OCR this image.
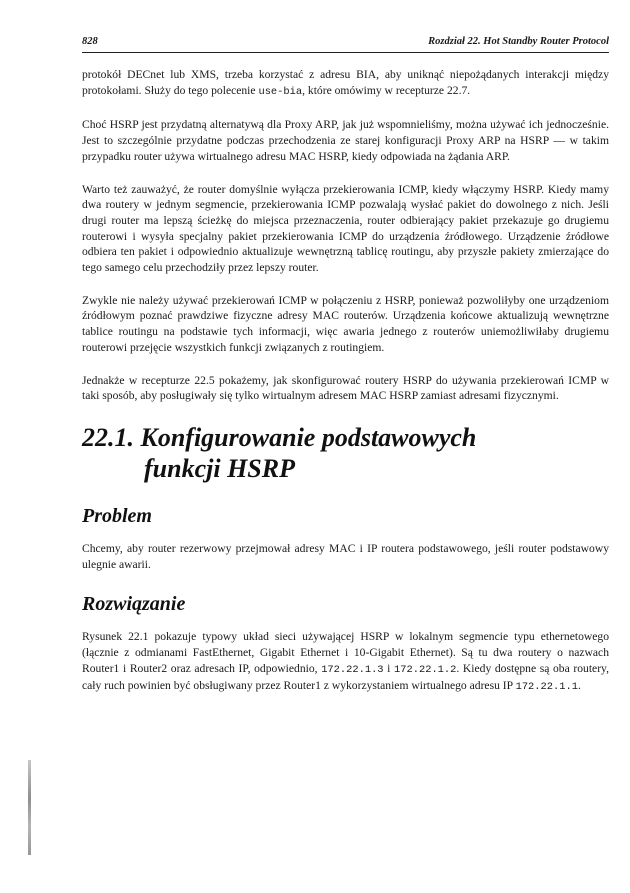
828	Rozdział 22. Hot Standby Router Protocol

protokół DECnet lub XMS, trzeba korzystać z adresu BIA, aby uniknąć niepożądanych interakcji między protokołami. Służy do tego polecenie use-bia, które omówimy w recepturze 22.7.

Choć HSRP jest przydatną alternatywą dla Proxy ARP, jak już wspomnieliśmy, można używać ich jednocześnie. Jest to szczególnie przydatne podczas przechodzenia ze starej konfiguracji Proxy ARP na HSRP — w takim przypadku router używa wirtualnego adresu MAC HSRP, kiedy odpowiada na żądania ARP.

Warto też zauważyć, że router domyślnie wyłącza przekierowania ICMP, kiedy włączymy HSRP. Kiedy mamy dwa routery w jednym segmencie, przekierowania ICMP pozwalają wysłać pakiet do dowolnego z nich. Jeśli drugi router ma lepszą ścieżkę do miejsca przeznaczenia, router odbierający pakiet przekazuje go drugiemu routerowi i wysyła specjalny pakiet przekierowania ICMP do urządzenia źródłowego. Urządzenie źródłowe odbiera ten pakiet i odpowiednio aktualizuje wewnętrzną tablicę routingu, aby przyszłe pakiety zmierzające do tego samego celu przechodziły przez lepszy router.

Zwykle nie należy używać przekierowań ICMP w połączeniu z HSRP, ponieważ pozwoliłyby one urządzeniom źródłowym poznać prawdziwe fizyczne adresy MAC routerów. Urządzenia końcowe aktualizują wewnętrzne tablice routingu na podstawie tych informacji, więc awaria jednego z routerów uniemożliwiłaby drugiemu routerowi przejęcie wszystkich funkcji związanych z routingiem.

Jednakże w recepturze 22.5 pokażemy, jak skonfigurować routery HSRP do używania przekierowań ICMP w taki sposób, aby posługiwały się tylko wirtualnym adresem MAC HSRP zamiast adresami fizycznymi.

22.1. Konfigurowanie podstawowych
funkcji HSRP
Problem

Chcemy, aby router rezerwowy przejmował adresy MAC i IP routera podstawowego, jeśli router podstawowy ulegnie awarii.

Rozwiązanie

Rysunek 22.1 pokazuje typowy układ sieci używającej HSRP w lokalnym segmencie typu ethernetowego (łącznie z odmianami FastEthernet, Gigabit Ethernet i 10-Gigabit Ethernet). Są tu dwa routery o nazwach Router1 i Router2 oraz adresach IP, odpowiednio, 172.22.1.3 i 172.22.1.2. Kiedy dostępne są oba routery, cały ruch powinien być obsługiwany przez Router1 z wykorzystaniem wirtualnego adresu IP 172.22.1.1.
